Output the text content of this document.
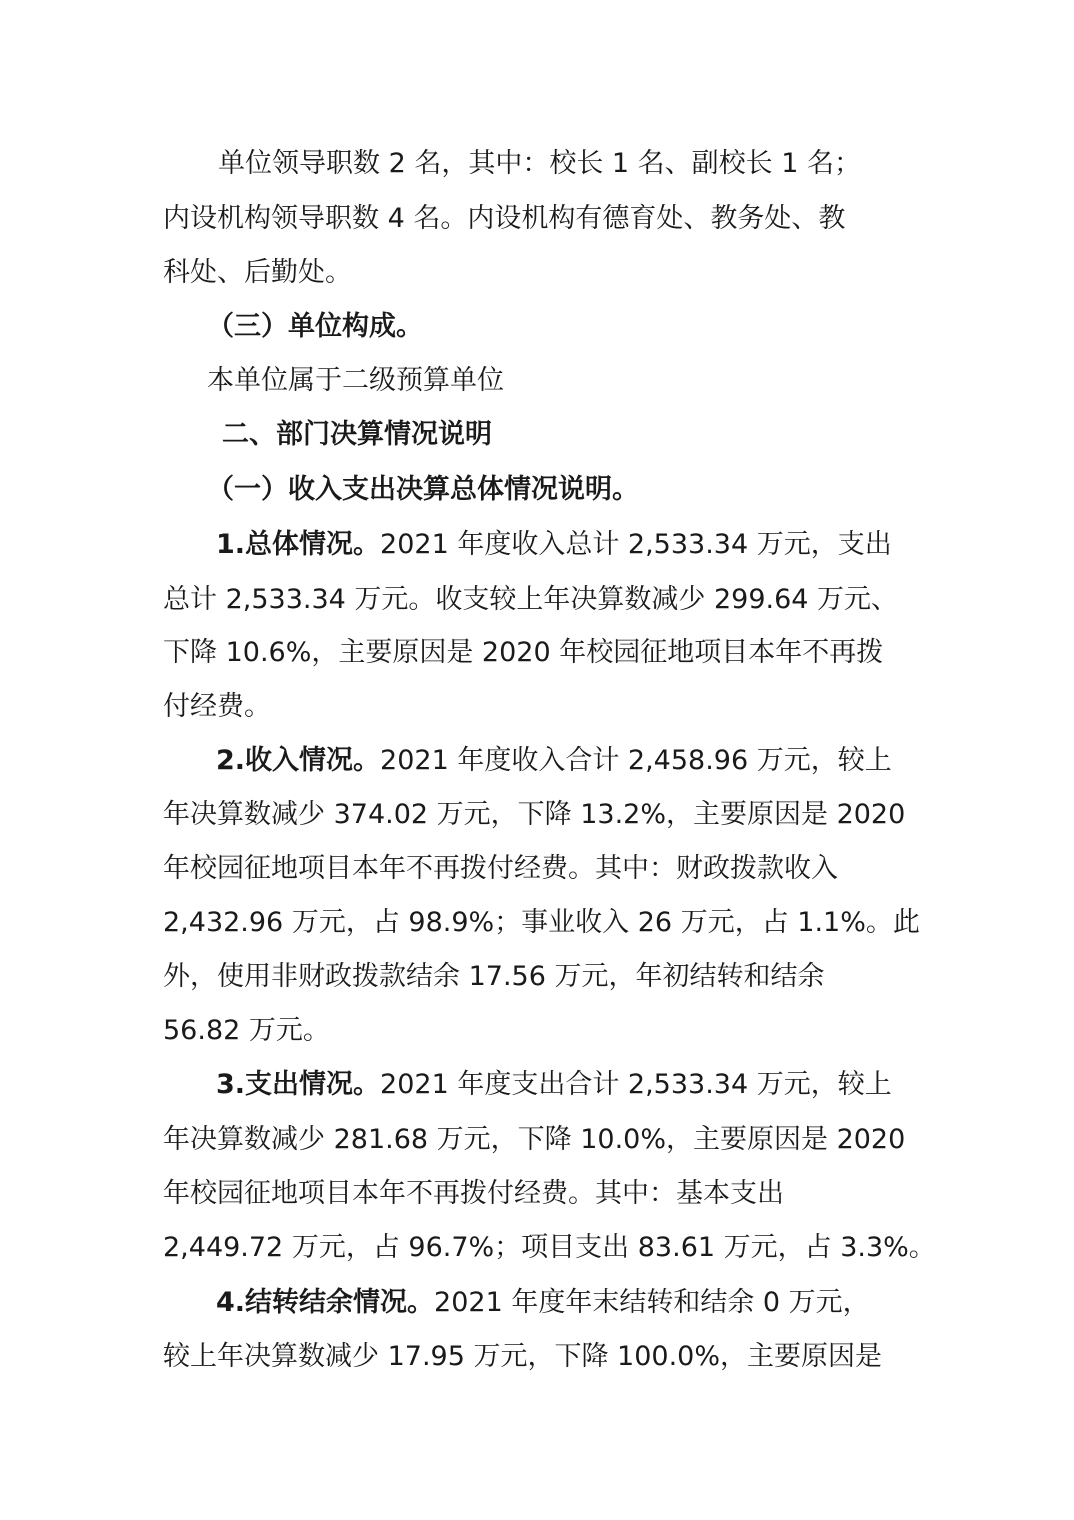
单位领导职数 2 名，其中：校长 1 名、副校长 1 名；
内设机构领导职数 4 名。内设机构有德育处、教务处、教
科处、后勤处。
（三）单位构成。
本单位属于二级预算单位
二、部门决算情况说明
（一）收入支出决算总体情况说明。
1.总体情况。2021 年度收入总计 2,533.34 万元，支出
总计 2,533.34 万元。收支较上年决算数减少 299.64 万元、
下降 10.6%，主要原因是 2020 年校园征地项目本年不再拨
付经费。
2.收入情况。2021 年度收入合计 2,458.96 万元，较上
年决算数减少 374.02 万元，下降 13.2%，主要原因是 2020
年校园征地项目本年不再拨付经费。其中：财政拨款收入
2,432.96 万元，占 98.9%；事业收入 26 万元，占 1.1%。此
外，使用非财政拨款结余 17.56 万元，年初结转和结余
56.82 万元。
3.支出情况。2021 年度支出合计 2,533.34 万元，较上
年决算数减少 281.68 万元，下降 10.0%，主要原因是 2020
年校园征地项目本年不再拨付经费。其中：基本支出
2,449.72 万元，占 96.7%；项目支出 83.61 万元，占 3.3%。
4.结转结余情况。2021 年度年末结转和结余 0 万元，
较上年决算数减少 17.95 万元，下降 100.0%，主要原因是
